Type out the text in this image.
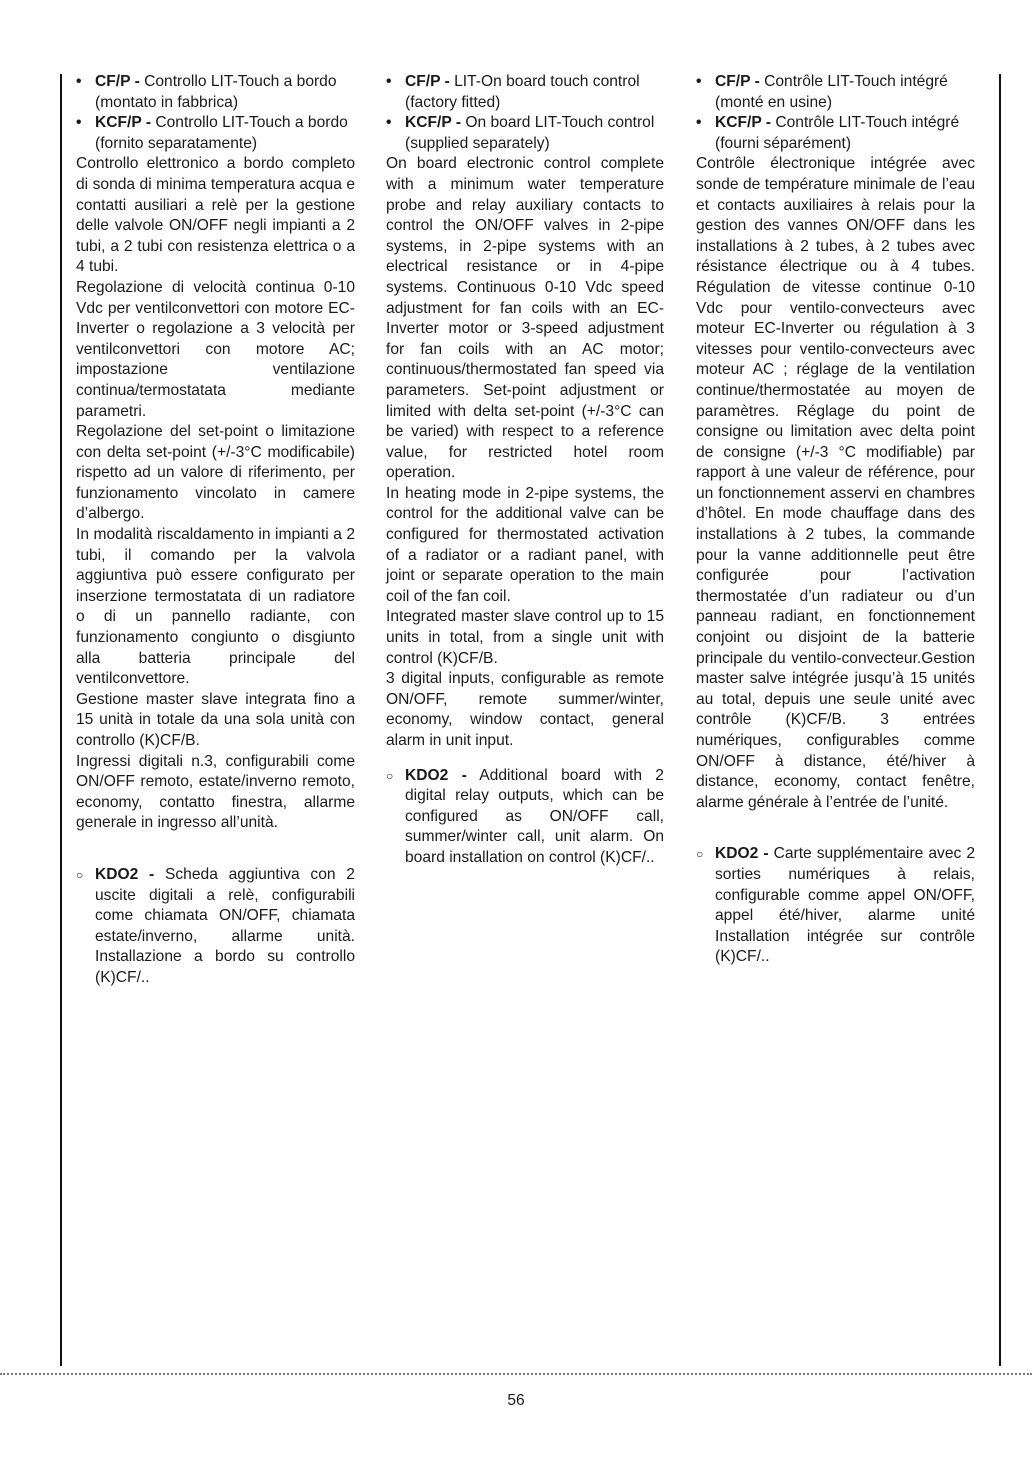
• CF/P - Controllo LIT-Touch a bordo (montato in fabbrica)
• KCF/P - Controllo LIT-Touch a bordo (fornito separatamente)

Controllo elettronico a bordo completo di sonda di minima temperatura acqua e contatti ausiliari a relè per la gestione delle valvole ON/OFF negli impianti a 2 tubi, a 2 tubi con resistenza elettrica o a 4 tubi.

Regolazione di velocità continua 0-10 Vdc per ventilconvettori con motore EC-Inverter o regolazione a 3 velocità per ventilconvettori con motore AC; impostazione ventilazione continua/termostatata mediante parametri.

Regolazione del set-point o limitazione con delta set-point (+/-3°C modificabile) rispetto ad un valore di riferimento, per funzionamento vincolato in camere d’albergo.

In modalità riscaldamento in impianti a 2 tubi, il comando per la valvola aggiuntiva può essere configurato per inserzione termostatata di un radiatore o di un pannello radiante, con funzionamento congiunto o disgiunto alla batteria principale del ventilconvettore.

Gestione master slave integrata fino a 15 unità in totale da una sola unità con controllo (K)CF/B.

Ingressi digitali n.3, configurabili come ON/OFF remoto, estate/inverno remoto, economy, contatto finestra, allarme generale in ingresso all’unità.

○ KDO2 - Scheda aggiuntiva con 2 uscite digitali a relè, configurabili come chiamata ON/OFF, chiamata estate/inverno, allarme unità. Installazione a bordo su controllo (K)CF/..
• CF/P - LIT-On board touch control (factory fitted)
• KCF/P - On board LIT-Touch control (supplied separately)

On board electronic control complete with a minimum water temperature probe and relay auxiliary contacts to control the ON/OFF valves in 2-pipe systems, in 2-pipe systems with an electrical resistance or in 4-pipe systems. Continuous 0-10 Vdc speed adjustment for fan coils with an EC-Inverter motor or 3-speed adjustment for fan coils with an AC motor; continuous/thermostated fan speed via parameters. Set-point adjustment or limited with delta set-point (+/-3°C can be varied) with respect to a reference value, for restricted hotel room operation.

In heating mode in 2-pipe systems, the control for the additional valve can be configured for thermostated activation of a radiator or a radiant panel, with joint or separate operation to the main coil of the fan coil.

Integrated master slave control up to 15 units in total, from a single unit with control (K)CF/B.

3 digital inputs, configurable as remote ON/OFF, remote summer/winter, economy, window contact, general alarm in unit input.

○ KDO2 - Additional board with 2 digital relay outputs, which can be configured as ON/OFF call, summer/winter call, unit alarm. On board installation on control (K)CF/..
• CF/P - Contrôle LIT-Touch intégré (monté en usine)
• KCF/P - Contrôle LIT-Touch intégré (fourni séparément)

Contrôle électronique intégrée avec sonde de température minimale de l’eau et contacts auxiliaires à relais pour la gestion des vannes ON/OFF dans les installations à 2 tubes, à 2 tubes avec résistance électrique ou à 4 tubes. Régulation de vitesse continue 0-10 Vdc pour ventilo-convecteurs avec moteur EC-Inverter ou régulation à 3 vitesses pour ventilo-convecteurs avec moteur AC ; réglage de la ventilation continue/thermostatée au moyen de paramètres. Réglage du point de consigne ou limitation avec delta point de consigne (+/-3 °C modifiable) par rapport à une valeur de référence, pour un fonctionnement asservi en chambres d’hôtel. En mode chauffage dans des installations à 2 tubes, la commande pour la vanne additionnelle peut être configurée pour l’activation thermostatée d’un radiateur ou d’un panneau radiant, en fonctionnement conjoint ou disjoint de la batterie principale du ventilo-convecteur.Gestion master salve intégrée jusqu’à 15 unités au total, depuis une seule unité avec contrôle (K)CF/B. 3 entrées numériques, configurables comme ON/OFF à distance, été/hiver à distance, economy, contact fenêtre, alarme générale à l’entrée de l’unité.

○ KDO2 - Carte supplémentaire avec 2 sorties numériques à relais, configurable comme appel ON/OFF, appel été/hiver, alarme unité Installation intégrée sur contrôle (K)CF/..
56
